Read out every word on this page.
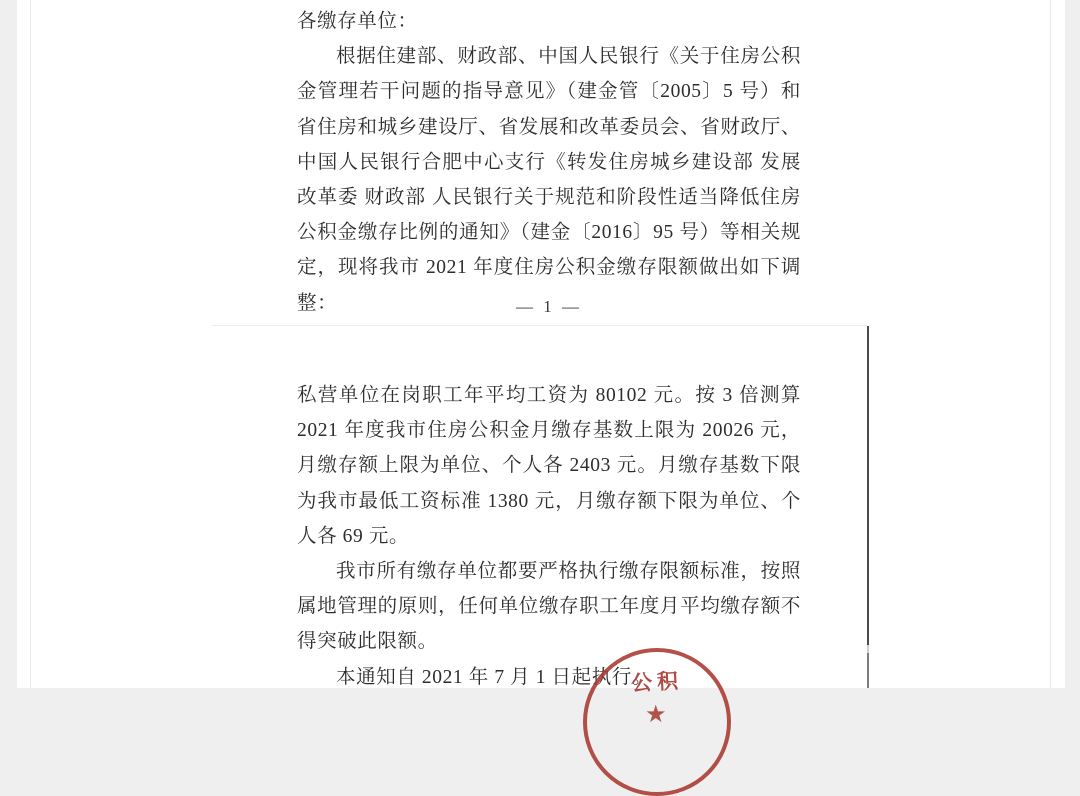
各缴存单位：

根据住建部、财政部、中国人民银行《关于住房公积金管理若干问题的指导意见》（建金管〔2005〕5 号）和省住房和城乡建设厅、省发展和改革委员会、省财政厅、中国人民银行合肥中心支行《转发住房城乡建设部 发展改革委 财政部 人民银行关于规范和阶段性适当降低住房公积金缴存比例的通知》（建金〔2016〕95 号）等相关规定，现将我市 2021 年度住房公积金缴存限额做出如下调整：	— 1 —

私营单位在岗职工年平均工资为 80102 元。按 3 倍测算 2021 年度我市住房公积金月缴存基数上限为 20026 元，月缴存额上限为单位、个人各 2403 元。月缴存基数下限为我市最低工资标准 1380 元，月缴存额下限为单位、个人各 69 元。

我市所有缴存单位都要严格执行缴存限额标准，按照属地管理的原则，任何单位缴存职工年度月平均缴存额不得突破此限额。

本通知自 2021 年 7 月 1 日起执行。

公积
★
